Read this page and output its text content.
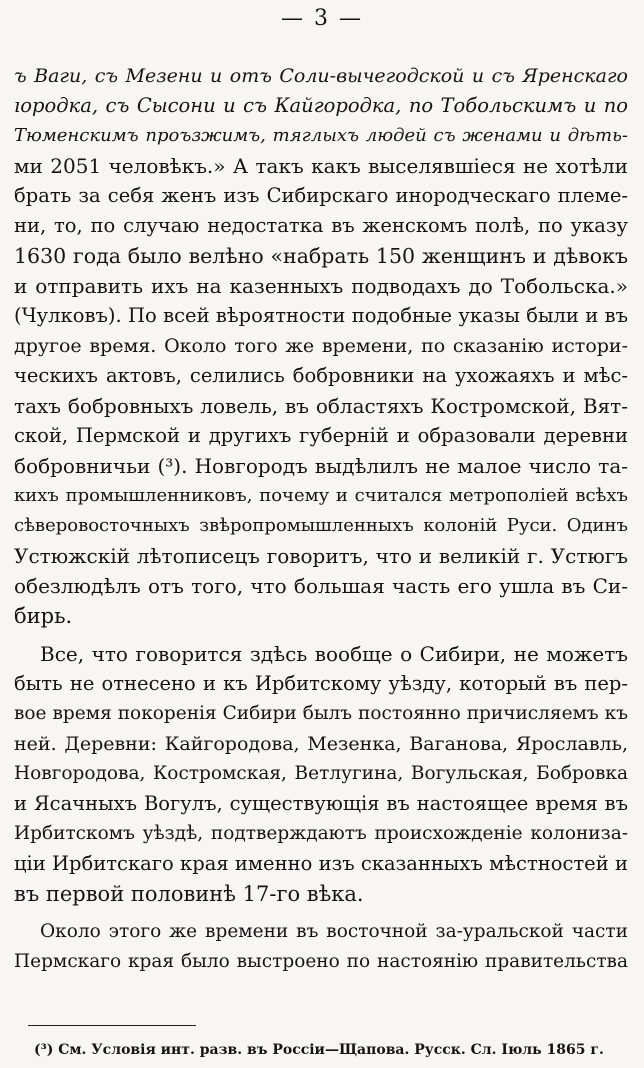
— 3 —
ъ Ваги, съ Мезени и отъ Соли-вычегодской и съ Яренскаго
ıородка, съ Сысони и съ Кайгородка, по Тобольскимъ и по
Тюменскимъ проъзжимъ, тяглыхъ людей съ женами и дѣть-
ми 2051 человѣкъ.» А такъ какъ выселявшіеся не хотѣли
брать за себя женъ изъ Сибирскаго инородческаго племе-
ни, то, по случаю недостатка въ женскомъ полѣ, по указу
1630 года было велѣно «набрать 150 женщинъ и дѣвокъ
и отправить ихъ на казенныхъ подводахъ до Тобольска.»
(Чулковъ). По всей вѣроятности подобные указы были и въ
другое время. Около того же времени, по сказанію истори-
ческихъ актовъ, селились бобровники на ухожаяхъ и мѣс-
тахъ бобровныхъ ловель, въ областяхъ Костромской, Вят-
ской, Пермской и другихъ губерній и образовали деревни
бобровничьи (³). Новгородъ выдѣлилъ не малое число та-
кихъ промышленниковъ, почему и считался метрополіей всѣхъ
сѣверовосточныхъ звѣропромышленныхъ колоній Руси. Одинъ
Устюжскій лѣтописецъ говоритъ, что и великій г. Устюгъ
обезлюдѣлъ отъ того, что большая часть его ушла въ Си-
бирь.
Все, что говорится здѣсь вообще о Сибири, не можетъ
быть не отнесено и къ Ирбитскому уѣзду, который въ пер-
вое время покоренія Сибири былъ постоянно причисляемъ къ
ней. Деревни: Кайгородова, Мезенка, Ваганова, Ярославль,
Новгородова, Костромская, Ветлугина, Вогульская, Бобровка
и Ясачныхъ Вогулъ, существующія въ настоящее время въ
Ирбитскомъ уѣздѣ, подтверждаютъ происхожденіе колонизa-
ціи Ирбитскаго края именно изъ сказанныхъ мѣстностей и
въ первой половинѣ 17-го вѣка.
Около этого же времени въ восточной за-уральской части
Пермскаго края было выстроено по настоянію правительства
(³) См. Условія инт. разв. въ Россіи—Щапова. Русск. Сл. Іюль 1865 г.
